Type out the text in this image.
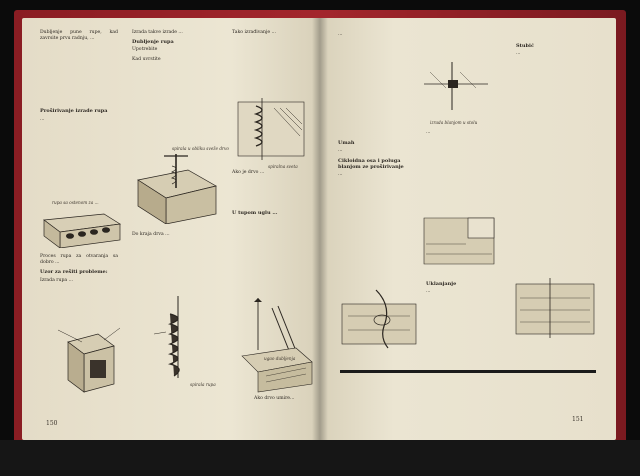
Dubljenje pune rupe, kad zavrsite prvu radnju, ...

Proširivanje izrade rupa

...

rupa sa ostenom za ...

Proces rupa za otvaranja sa dobro ...

Uzor za rešiti probleme:

Izrada rupa ...

Izrada takve izrade ...

Dubljenje rupa

Upotrebite

Kad uvrstite

spirala u obliku sveže drvo

Do kraja drva ...

spirala rupa

Tako izrađivanje ...

spiralna sveta

Ako je drvo ...

U tupom uglu ...
ugao dubljenja

Ako drvo umire...

150

...

Umah

...

Cikloidna osa i poluga blanjom ze proširivanje

...

izrada blanjom u stolu

...

Uklanjanje

...

Stubić

...

151
